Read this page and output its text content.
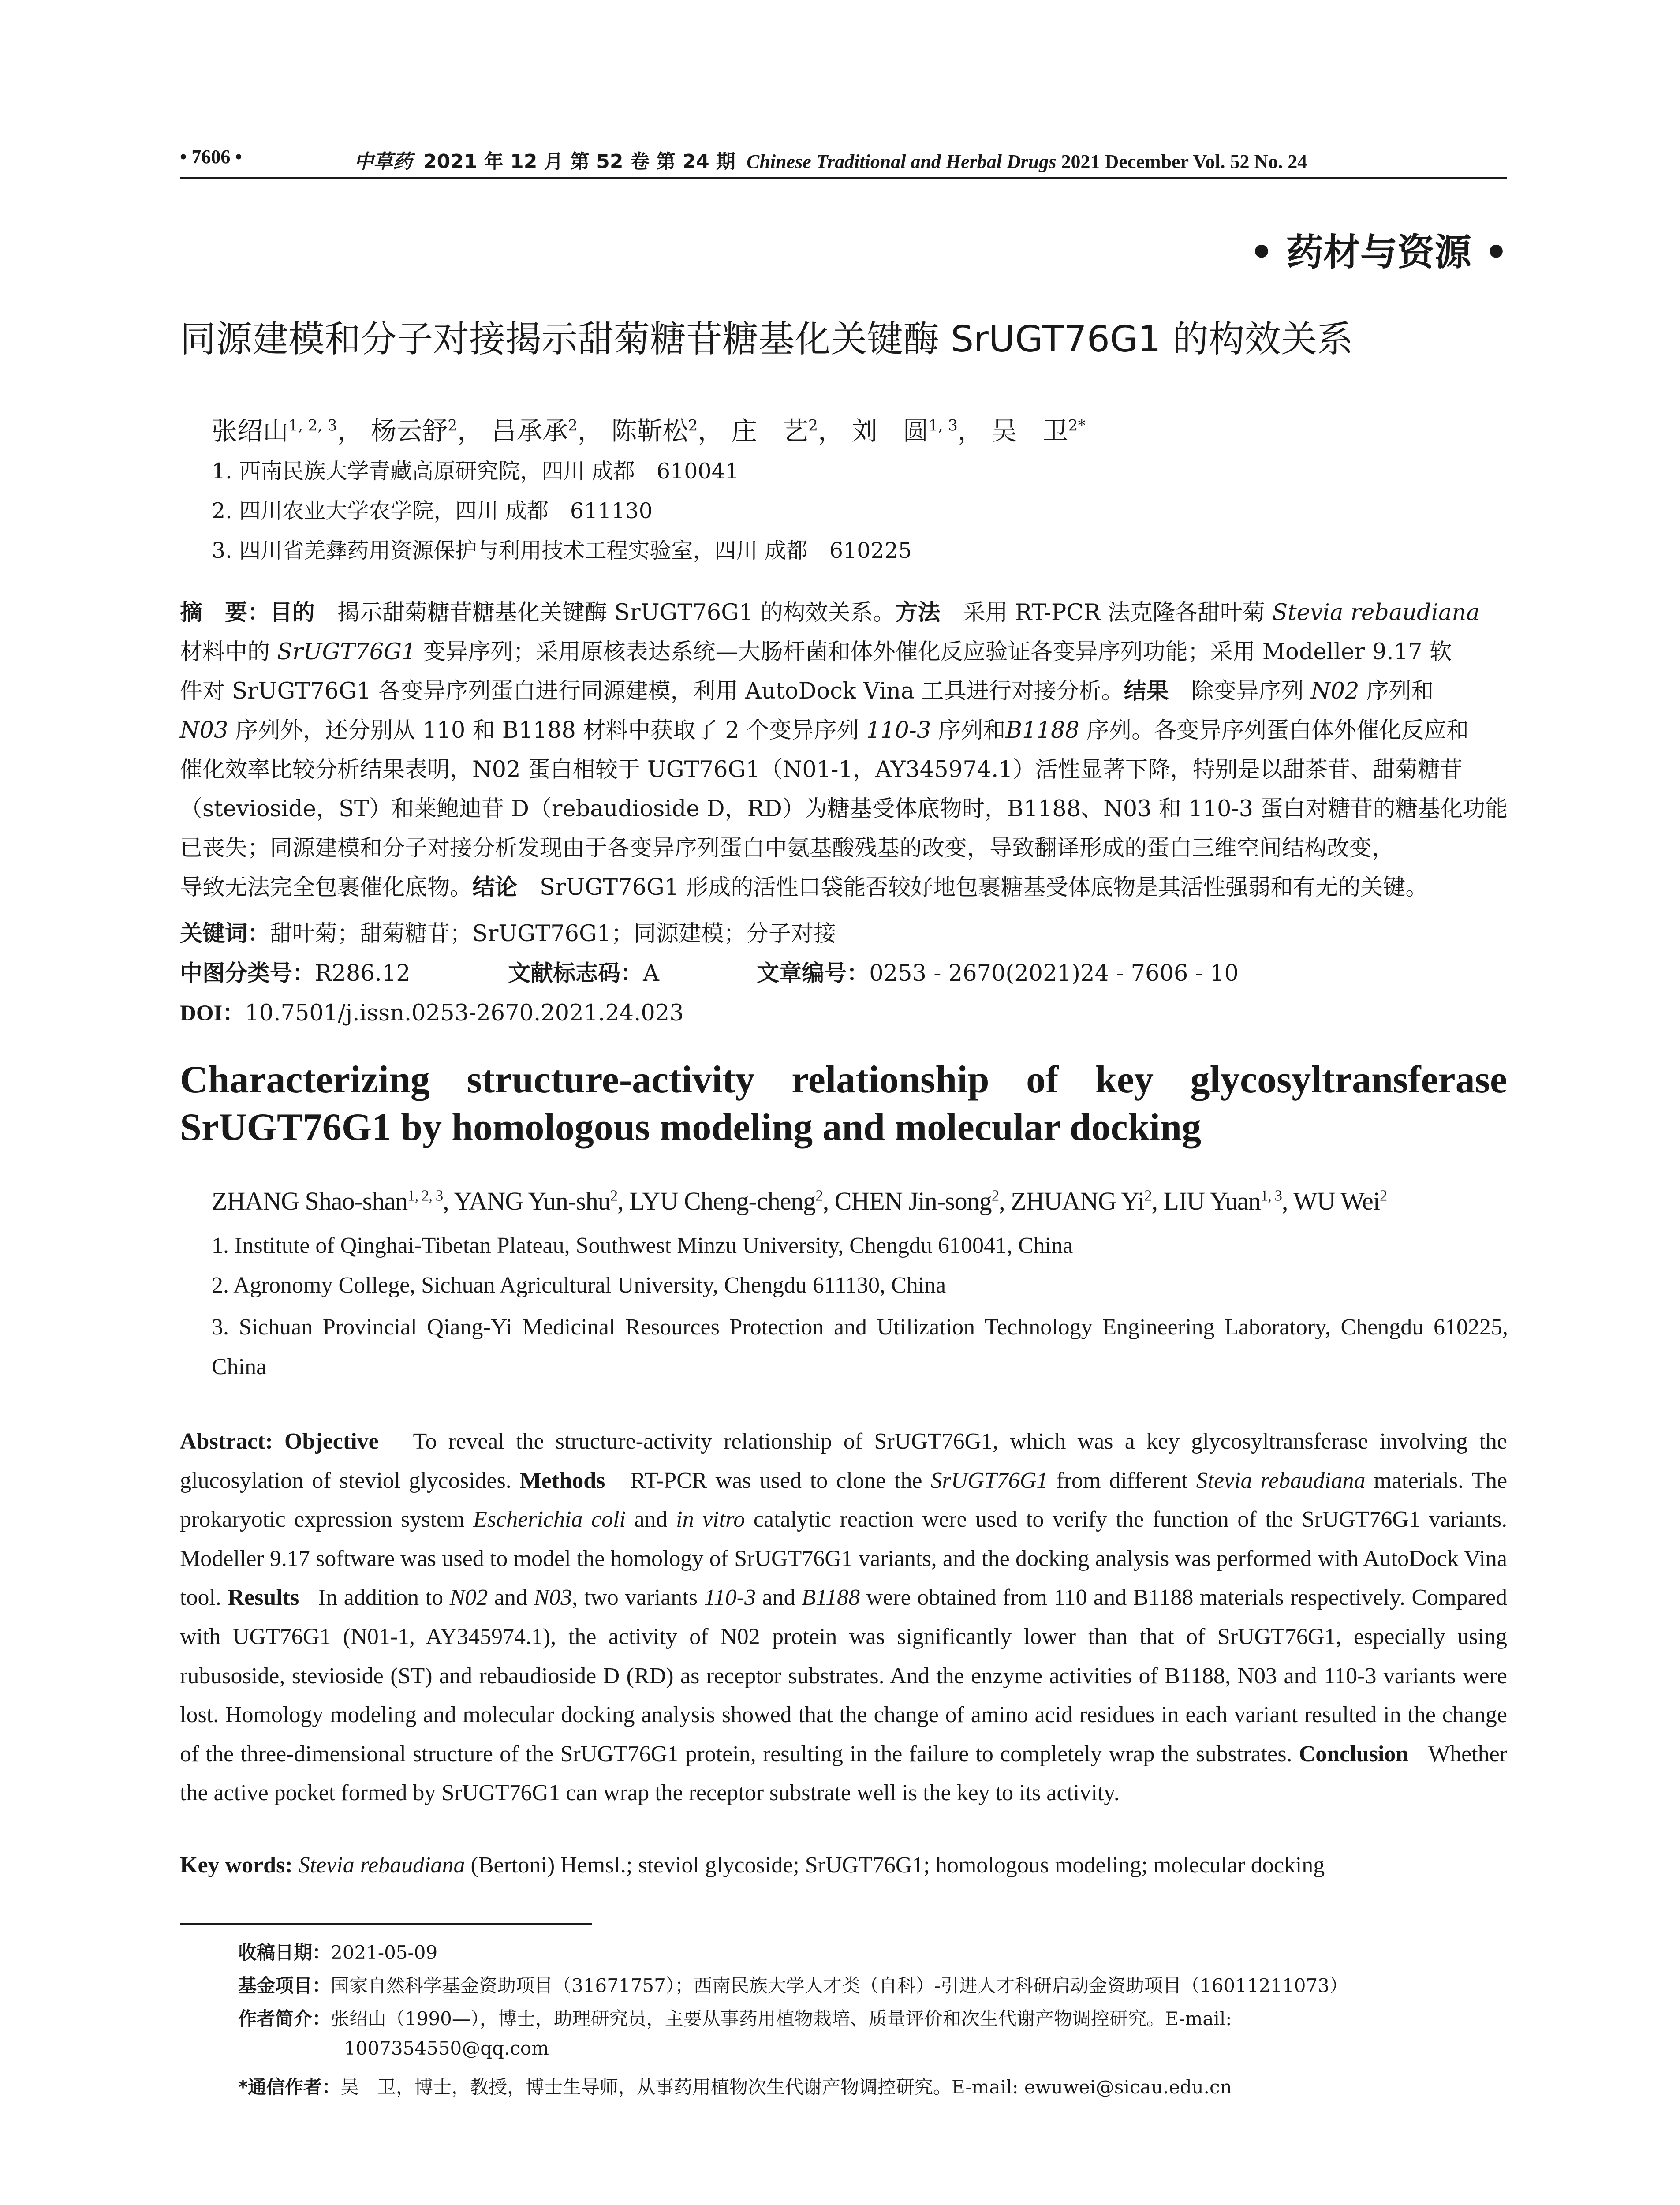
• 7606 •	中草药 2021 年 12 月 第 52 卷 第 24 期 Chinese Traditional and Herbal Drugs 2021 December Vol. 52 No. 24
• 药材与资源 •
同源建模和分子对接揭示甜菊糖苷糖基化关键酶 SrUGT76G1 的构效关系
张绍山$^{1, 2, 3}$， 杨云舒$^2$， 吕承承$^2$， 陈靳松$^2$， 庄　艺$^2$， 刘　圆$^{1, 3}$， 吴　卫$^{2*}$
1. 西南民族大学青藏高原研究院，四川 成都　610041
2. 四川农业大学农学院，四川 成都　611130
3. 四川省羌彝药用资源保护与利用技术工程实验室，四川 成都　610225
摘　要：目的　 揭示甜菊糖苷糖基化关键酶 SrUGT76G1 的构效关系。方法　 采用 RT-PCR 法克隆各甜叶菊 Stevia rebaudiana
材料中的 SrUGT76G1 变异序列；采用原核表达系统—大肠杆菌和体外催化反应验证各变异序列功能；采用 Modeller 9.17 软
件对 SrUGT76G1 各变异序列蛋白进行同源建模，利用 AutoDock Vina 工具进行对接分析。结果　 除变异序列 N02 序列和
N03 序列外，还分别从 110 和 B1188 材料中获取了 2 个变异序列 110-3 序列和B1188 序列。各变异序列蛋白体外催化反应和
催化效率比较分析结果表明，N02 蛋白相较于 UGT76G1（N01-1，AY345974.1）活性显著下降，特别是以甜茶苷、甜菊糖苷
（stevioside，ST）和莱鲍迪苷 D（rebaudioside D，RD）为糖基受体底物时，B1188、N03 和 110-3 蛋白对糖苷的糖基化功能
已丧失；同源建模和分子对接分析发现由于各变异序列蛋白中氨基酸残基的改变，导致翻译形成的蛋白三维空间结构改变，
导致无法完全包裹催化底物。结论　 SrUGT76G1 形成的活性口袋能否较好地包裹糖基受体底物是其活性强弱和有无的关键。
关键词：甜叶菊；甜菊糖苷；SrUGT76G1；同源建模；分子对接
中图分类号：R286.12	文献标志码：A	文章编号：0253 - 2670(2021)24 - 7606 - 10
DOI：10.7501/j.issn.0253-2670.2021.24.023
Characterizing structure-activity relationship of key glycosyltransferase SrUGT76G1 by homologous modeling and molecular docking
ZHANG Shao-shan$^{1, 2, 3}$, YANG Yun-shu$^2$, LYU Cheng-cheng$^2$, CHEN Jin-song$^2$, ZHUANG Yi$^2$, LIU Yuan$^{1, 3}$, WU Wei$^2$
1. Institute of Qinghai-Tibetan Plateau, Southwest Minzu University, Chengdu 610041, China
2. Agronomy College, Sichuan Agricultural University, Chengdu 611130, China
3. Sichuan Provincial Qiang-Yi Medicinal Resources Protection and Utilization Technology Engineering Laboratory, Chengdu 610225, China
Abstract: Objective To reveal the structure-activity relationship of SrUGT76G1, which was a key glycosyltransferase involving the glucosylation of steviol glycosides. Methods RT-PCR was used to clone the SrUGT76G1 from different Stevia rebaudiana materials. The prokaryotic expression system Escherichia coli and in vitro catalytic reaction were used to verify the function of the SrUGT76G1 variants. Modeller 9.17 software was used to model the homology of SrUGT76G1 variants, and the docking analysis was performed with AutoDock Vina tool. Results In addition to N02 and N03, two variants 110-3 and B1188 were obtained from 110 and B1188 materials respectively. Compared with UGT76G1 (N01-1, AY345974.1), the activity of N02 protein was significantly lower than that of SrUGT76G1, especially using rubusoside, stevioside (ST) and rebaudioside D (RD) as receptor substrates. And the enzyme activities of B1188, N03 and 110-3 variants were lost. Homology modeling and molecular docking analysis showed that the change of amino acid residues in each variant resulted in the change of the three-dimensional structure of the SrUGT76G1 protein, resulting in the failure to completely wrap the substrates. Conclusion Whether the active pocket formed by SrUGT76G1 can wrap the receptor substrate well is the key to its activity.
Key words: Stevia rebaudiana (Bertoni) Hemsl.; steviol glycoside; SrUGT76G1; homologous modeling; molecular docking
收稿日期：2021-05-09
基金项目：国家自然科学基金资助项目（31671757）；西南民族大学人才类（自科）-引进人才科研启动金资助项目（16011211073）
作者简介：张绍山（1990—），博士，助理研究员，主要从事药用植物栽培、质量评价和次生代谢产物调控研究。E-mail:
1007354550@qq.com
*通信作者：吴　卫，博士，教授，博士生导师，从事药用植物次生代谢产物调控研究。E-mail: ewuwei@sicau.edu.cn
